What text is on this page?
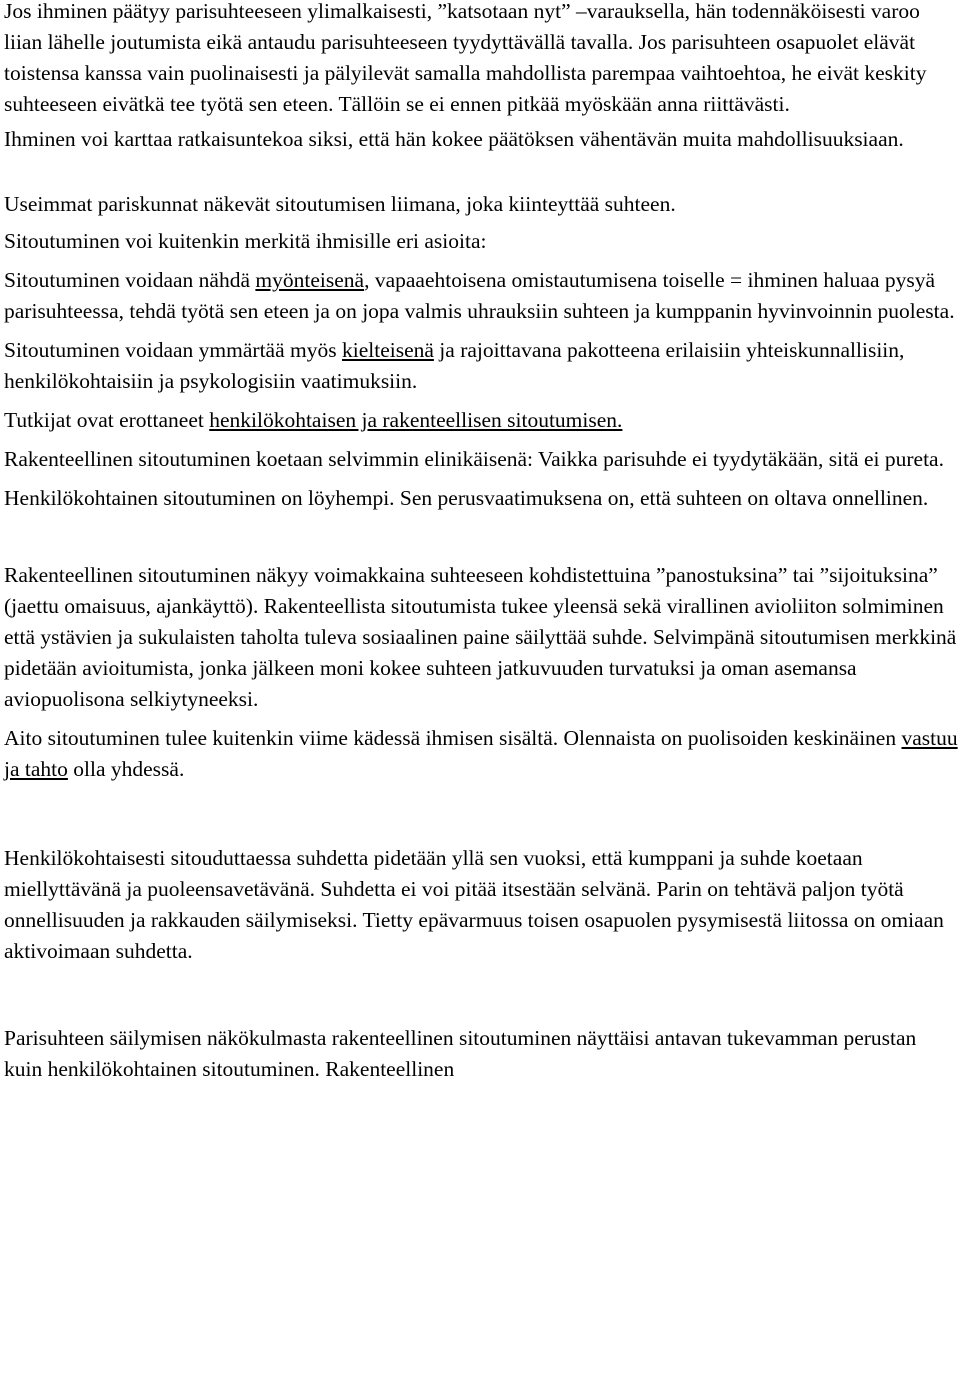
Jos ihminen päätyy parisuhteeseen ylimalkaisesti, ”katsotaan nyt” –varauksella, hän todennäköisesti varoo liian lähelle joutumista eikä antaudu parisuhteeseen tyydyttävällä tavalla. Jos parisuhteen osapuolet elävät toistensa kanssa vain puolinaisesti ja pälyilevät samalla mahdollista parempaa vaihtoehtoa, he eivät keskity suhteeseen eivätkä tee työtä sen eteen. Tällöin se ei ennen pitkää myöskään anna riittävästi.

Ihminen voi karttaa ratkaisuntekoa siksi, että hän kokee päätöksen vähentävän muita mahdollisuuksiaan.

Useimmat pariskunnat näkevät sitoutumisen liimana, joka kiinteyttää suhteen.

Sitoutuminen voi kuitenkin merkitä ihmisille eri asioita:

Sitoutuminen voidaan nähdä myönteisenä, vapaaehtoisena omistautumisena toiselle = ihminen haluaa pysyä parisuhteessa, tehdä työtä sen eteen ja on jopa valmis uhrauksiin suhteen ja kumppanin hyvinvoinnin puolesta.

Sitoutuminen voidaan ymmärtää myös kielteisenä ja rajoittavana pakotteena erilaisiin yhteiskunnallisiin, henkilökohtaisiin ja psykologisiin vaatimuksiin.

Tutkijat ovat erottaneet henkilökohtaisen ja rakenteellisen sitoutumisen.

Rakenteellinen sitoutuminen koetaan selvimmin elinikäisenä: Vaikka parisuhde ei tyydytäkään, sitä ei pureta.

Henkilökohtainen sitoutuminen on löyhempi. Sen perusvaatimuksena on, että suhteen on oltava onnellinen.

Rakenteellinen sitoutuminen näkyy voimakkaina suhteeseen kohdistettuina ”panostuksina” tai ”sijoituksina” (jaettu omaisuus, ajankäyttö). Rakenteellista sitoutumista tukee yleensä sekä virallinen avioliiton solmiminen että ystävien ja sukulaisten taholta tuleva sosiaalinen paine säilyttää suhde. Selvimpänä sitoutumisen merkkinä pidetään avioitumista, jonka jälkeen moni kokee suhteen jatkuvuuden turvatuksi ja oman asemansa aviopuolisona selkiytyneeksi.

Aito sitoutuminen tulee kuitenkin viime kädessä ihmisen sisältä. Olennaista on puolisoiden keskinäinen vastuu ja tahto olla yhdessä.

Henkilökohtaisesti sitouduttaessa suhdetta pidetään yllä sen vuoksi, että kumppani ja suhde koetaan miellyttävänä ja puoleensavetävänä. Suhdetta ei voi pitää itsestään selvänä. Parin on tehtävä paljon työtä onnellisuuden ja rakkauden säilymiseksi. Tietty epävarmuus toisen osapuolen pysymisestä liitossa on omiaan aktivoimaan suhdetta.

Parisuhteen säilymisen näkökulmasta rakenteellinen sitoutuminen näyttäisi antavan tukevamman perustan kuin henkilökohtainen sitoutuminen. Rakenteellinen
